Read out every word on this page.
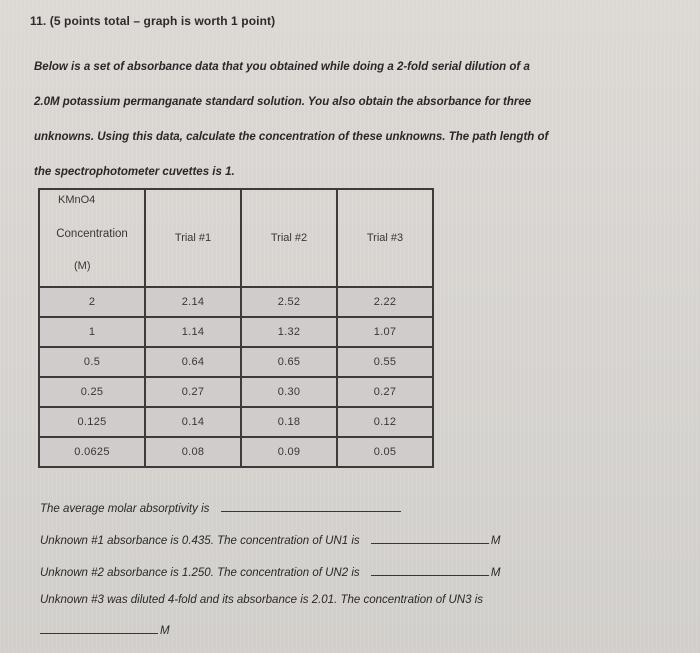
11. (5 points total – graph is worth 1 point)
Below is a set of absorbance data that you obtained while doing a 2-fold serial dilution of a
2.0M potassium permanganate standard solution. You also obtain the absorbance for three
unknowns. Using this data, calculate the concentration of these unknowns. The path length of
the spectrophotometer cuvettes is 1.
KMnO4
Concentration
(M)	Trial #1	Trial #2	Trial #3
2	2.14	2.52	2.22
1	1.14	1.32	1.07
0.5	0.64	0.65	0.55
0.25	0.27	0.30	0.27
0.125	0.14	0.18	0.12
0.0625	0.08	0.09	0.05
The average molar absorptivity is
Unknown #1 absorbance is 0.435. The concentration of UN1 is	M
Unknown #2 absorbance is 1.250. The concentration of UN2 is	M
Unknown #3 was diluted 4-fold and its absorbance is 2.01. The concentration of UN3 is
M
